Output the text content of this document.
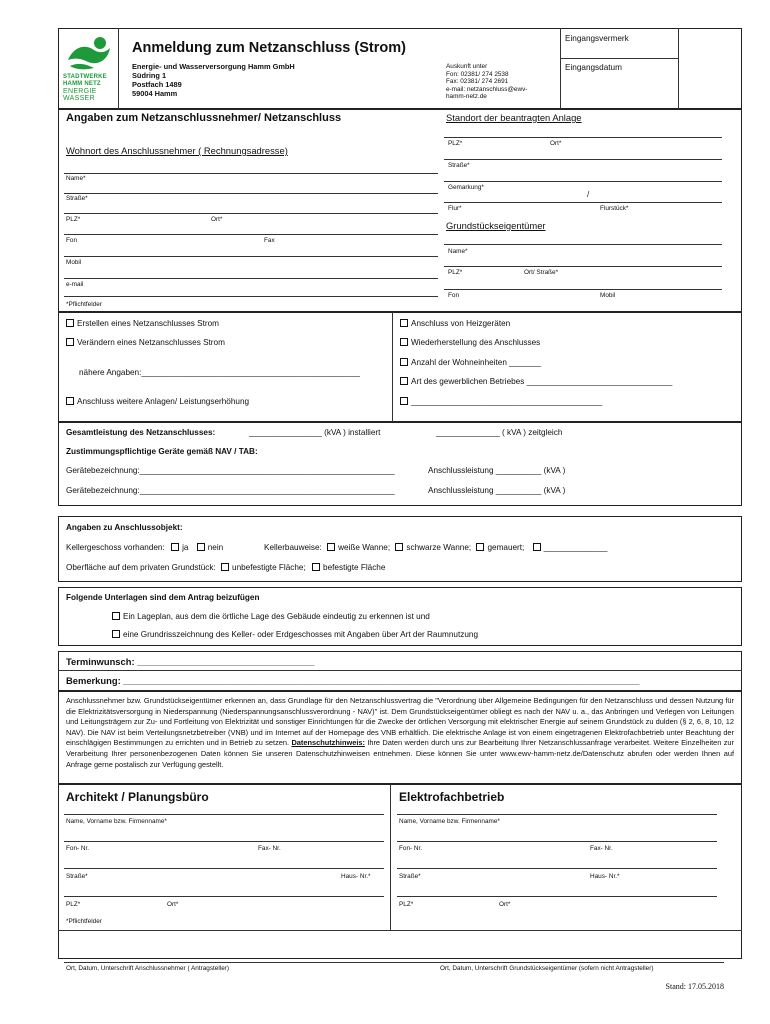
STADTWERKE
HAMM NETZ
ENERGIE
WASSER
Anmeldung zum Netzanschluss (Strom)
Energie- und Wasserversorgung Hamm GmbH
Südring 1
Postfach 1489
59004 Hamm
Auskunft unter
Fon: 02381/ 274 2538
Fax: 02381/ 274 2691
e-mail: netzanschluss@ewv-
hamm-netz.de
Eingangsvermerk
Eingangsdatum
Angaben zum Netzanschlussnehmer/ Netzanschluss
Wohnort des Anschlussnehmer ( Rechnungsadresse)
Name*
Straße*
PLZ*	Ort*
Fon	Fax
Mobil
e-mail
*Pflichtfelder
Standort der beantragten Anlage
PLZ*	Ort*
Straße*
Gemarkung*
/
Flur*	Flurstück*
Grundstückseigentümer
Name*
PLZ*	Ort/ Straße*
Fon	Mobil
Erstellen eines Netzanschlusses Strom
Verändern eines Netzanschlusses Strom
nähere Angaben:________________________________________________
Anschluss weitere Anlagen/ Leistungserhöhung
Anschluss von Heizgeräten
Wiederherstellung des Anschlusses
Anzahl der Wohneinheiten _______
Art des gewerblichen Betriebes ________________________________
__________________________________________
Gesamtleistung des Netzanschlusses:	________________ (kVA ) installiert	______________ ( kVA ) zeitgleich
Zustimmungspflichtige Geräte gemäß NAV / TAB:
Gerätebezeichnung:________________________________________________________	Anschlussleistung __________ (kVA )
Gerätebezeichnung:________________________________________________________	Anschlussleistung __________ (kVA )
Angaben zu Anschlussobjekt:
Kellergeschoss vorhanden: ja nein	Kellerbauweise: weiße Wanne; schwarze Wanne; gemauert; ______________
Oberfläche auf dem privaten Grundstück: unbefestigte Fläche; befestigte Fläche
Folgende Unterlagen sind dem Antrag beizufügen
Ein Lageplan, aus dem die örtliche Lage des Gebäude eindeutig zu erkennen ist und
eine Grundrisszeichnung des Keller- oder Erdgeschosses mit Angaben über Art der Raumnutzung
Terminwunsch: __________________________________
Bemerkung: ___________________________________________________________________________________________________
Anschlussnehmer bzw. Grundstückseigentümer erkennen an, dass Grundlage für den Netzanschlussvertrag die "Verordnung über Allgemeine Bedingungen für den Netzanschluss und dessen Nutzung für die Elektrizitätsversorgung in Niederspannung (Niederspannungsanschlussverordnung - NAV)" ist. Dem Grundstückseigentümer obliegt es nach der NAV u. a., das Anbringen und Verlegen von Leitungen und Leitungsträgern zur Zu- und Fortleitung von Elektrizität und sonstiger Einrichtungen für die Zwecke der örtlichen Versorgung mit elektrischer Energie auf seinem Grundstück zu dulden (§ 2, 6, 8, 10, 12 NAV). Die NAV ist beim Verteilungsnetzbetreiber (VNB) und im Internet auf der Homepage des VNB erhältlich. Die elektrische Anlage ist von einem eingetragenen Elektrofachbetrieb unter Beachtung der einschlägigen Bestimmungen zu errichten und in Betrieb zu setzen. Datenschutzhinweis: Ihre Daten werden durch uns zur Bearbeitung Ihrer Netzanschlussanfrage verarbeitet. Weitere Einzelheiten zur Verarbeitung Ihrer personenbezogenen Daten können Sie unseren Datenschutzhinweisen entnehmen. Diese können Sie unter www.ewv-hamm-netz.de/Datenschutz abrufen oder werden Ihnen auf Anfrage gerne postalisch zur Verfügung gestellt.
Architekt / Planungsbüro
Name, Vorname bzw. Firmenname*
Fon- Nr.	Fax- Nr.
Straße*	Haus- Nr.*
PLZ*	Ort*
*Pflichtfelder
Elektrofachbetrieb
Name, Vorname bzw. Firmenname*
Fon- Nr.	Fax- Nr.
Straße*	Haus- Nr.*
PLZ*	Ort*
Ort, Datum, Unterschrift Anschlussnehmer ( Antragsteller)	Ort, Datum, Unterschrift Grundstückseigentümer (sofern nicht Antragsteller)
Stand: 17.05.2018
